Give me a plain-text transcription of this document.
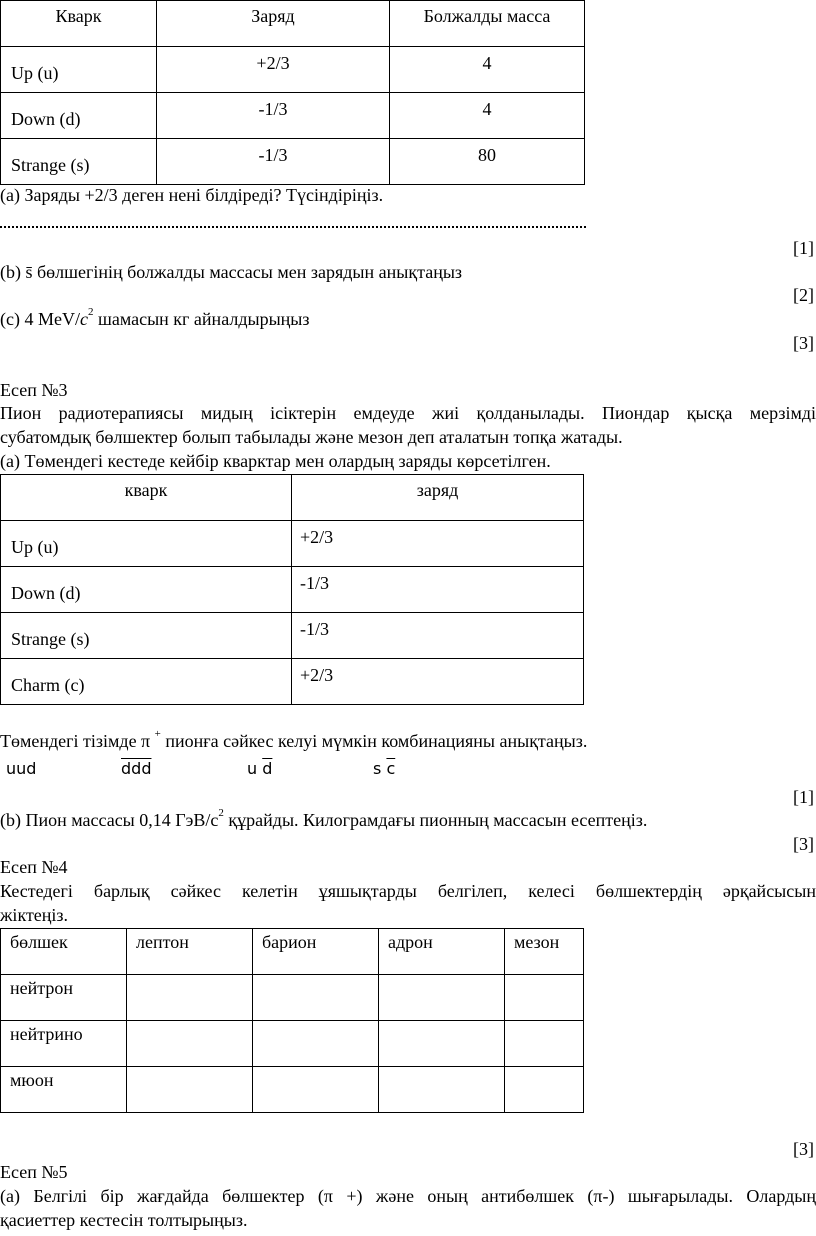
Кварк	Заряд	Болжалды масса
Up (u)	+2/3	4
Down (d)	-1/3	4
Strange (s)	-1/3	80
(a) Заряды +2/3 деген нені білдіреді? Түсіндіріңіз.
[1]
(b) s̄ бөлшегінің болжалды массасы мен зарядын анықтаңыз
[2]
(c) 4 MeV/$c^2$ шамасын кг айналдырыңыз
[3]
Есеп №3
Пион радиотерапиясы мидың ісіктерін емдеуде жиі қолданылады. Пиондар қысқа мерзімді
субатомдық бөлшектер болып табылады және мезон деп аталатын топқа жатады.
(a) Төмендегі кестеде кейбір кварктар мен олардың заряды көрсетілген.
кварк	заряд
Up (u)	+2/3
Down (d)	-1/3
Strange (s)	-1/3
Charm (c)	+2/3
Төмендегі тізімде π + пионға сәйкес келуі мүмкін комбинацияны анықтаңыз.
uud	$\overline{ddd}$	u $\overline{d}$	s $\overline{c}$
[1]
(b) Пион массасы 0,14 ГэВ/$c^2$ құрайды. Килограмдағы пионның массасын есептеңіз.
[3]
Есеп №4
Кестедегі барлық сәйкес келетін ұяшықтарды белгілеп, келесі бөлшектердің әрқайсысын
жіктеңіз.
бөлшек	лептон	барион	адрон	мезон
нейтрон				
нейтрино				
мюон				
[3]
Есеп №5
(a) Белгілі бір жағдайда бөлшектер (π +) және оның антибөлшек (π-) шығарылады. Олардың
қасиеттер кестесін толтырыңыз.
